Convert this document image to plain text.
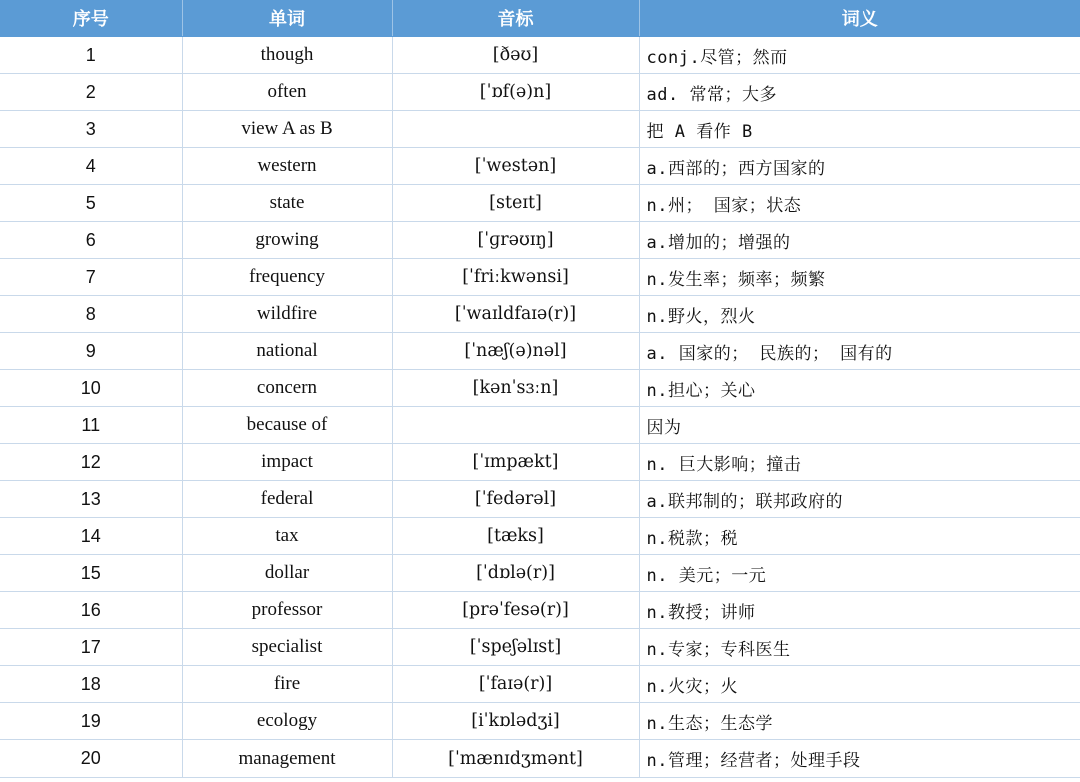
序号	单词	音标	词义
1	though	[ðəʊ]	conj.尽管；然而
2	often	[ˈɒf(ə)n]	ad. 常常；大多
3	view A as B		把 A 看作 B
4	western	[ˈwestən]	a.西部的；西方国家的
5	state	[steɪt]	n.州； 国家；状态
6	growing	[ˈɡrəʊɪŋ]	a.增加的；增强的
7	frequency	[ˈfriːkwənsi]	n.发生率；频率；频繁
8	wildfire	[ˈwaɪldfaɪə(r)]	n.野火，烈火
9	national	[ˈnæʃ(ə)nəl]	a. 国家的； 民族的； 国有的
10	concern	[kənˈsɜːn]	n.担心；关心
11	because of		因为
12	impact	[ˈɪmpækt]	n. 巨大影响；撞击
13	federal	[ˈfedərəl]	a.联邦制的；联邦政府的
14	tax	[tæks]	n.税款；税
15	dollar	[ˈdɒlə(r)]	n. 美元；一元
16	professor	[prəˈfesə(r)]	n.教授；讲师
17	specialist	[ˈspeʃəlɪst]	n.专家；专科医生
18	fire	[ˈfaɪə(r)]	n.火灾；火
19	ecology	[iˈkɒlədʒi]	n.生态；生态学
20	management	[ˈmænɪdʒmənt]	n.管理；经营者；处理手段
